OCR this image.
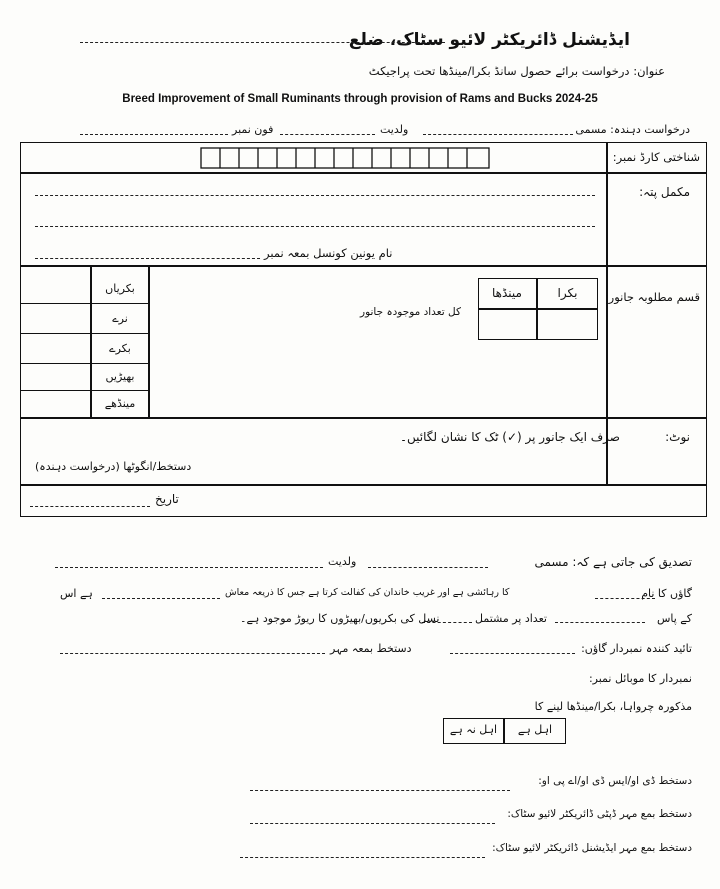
ایڈیشنل ڈائریکٹر لائیو سٹاک، ضلع
عنوان: درخواست برائے حصول سانڈ بکرا/مینڈھا تحت پراجیکٹ
Breed Improvement of Small Ruminants through provision of Rams and Bucks 2024-25
درخواست دہندہ: مسمی
ولدیت
فون نمبر
شناختی کارڈ نمبر:
مکمل پتہ:
نام یونین کونسل بمعہ نمبر
قسم مطلوبہ جانور:
بکرا
مینڈھا
کل تعداد موجودہ جانور
بکریاں
نرے
بکرے
بھیڑیں
مینڈھے
نوٹ:
صرف ایک جانور پر (✓) ٹک کا نشان لگائیں۔
دستخط/انگوٹھا (درخواست دہندہ)
تاریخ
تصدیق کی جاتی ہے کہ: مسمی
ولدیت
گاؤں کا نام
کا رہائشی ہے اور غریب خاندان کی کفالت کرتا ہے جس کا ذریعہ معاش
ہے اس
کے پاس
تعداد پر مشتمل
نسل کی بکریوں/بھیڑوں کا ریوڑ موجود ہے۔
تائید کنندہ نمبردار گاؤں:
دستخط بمعہ مہر
نمبردار کا موبائل نمبر:
مذکورہ چرواہا، بکرا/مینڈھا لینے کا
اہل ہے
اہل نہ ہے
دستخط ڈی او/ایس ڈی او/اے پی او:
دستخط بمع مہر ڈپٹی ڈائریکٹر لائیو سٹاک:
دستخط بمع مہر ایڈیشنل ڈائریکٹر لائیو سٹاک:
